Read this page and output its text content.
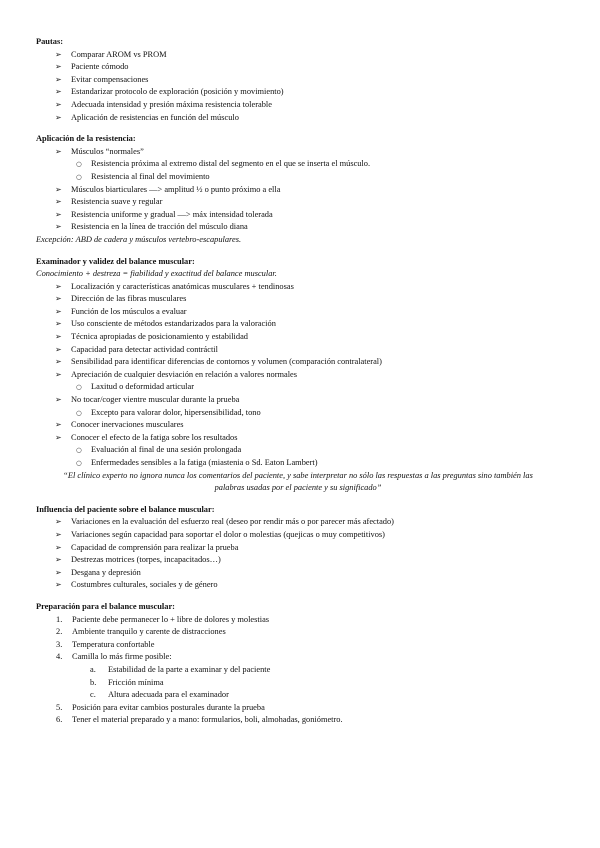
Pautas:

➢ Comparar AROM vs PROM
➢ Paciente cómodo
➢ Evitar compensaciones
➢ Estandarizar protocolo de exploración (posición y movimiento)
➢ Adecuada intensidad y presión máxima resistencia tolerable
➢ Aplicación de resistencias en función del músculo

Aplicación de la resistencia:

➢ Músculos “normales”
○ Resistencia próxima al extremo distal del segmento en el que se inserta el músculo.
○ Resistencia al final del movimiento
➢ Músculos biarticulares —> amplitud ½ o punto próximo a ella
➢ Resistencia suave y regular
➢ Resistencia uniforme y gradual —> máx intensidad tolerada
➢ Resistencia en la línea de tracción del músculo diana

Excepción: ABD de cadera y músculos vertebro-escapulares.

Examinador y validez del balance muscular:

Conocimiento + destreza = fiabilidad y exactitud del balance muscular.

➢ Localización y características anatómicas musculares + tendinosas
➢ Dirección de las fibras musculares
➢ Función de los músculos a evaluar
➢ Uso consciente de métodos estandarizados para la valoración
➢ Técnica apropiadas de posicionamiento y estabilidad
➢ Capacidad para detectar actividad contráctil
➢ Sensibilidad para identificar diferencias de contornos y volumen (comparación contralateral)
➢ Apreciación de cualquier desviación en relación a valores normales
○ Laxitud o deformidad articular
➢ No tocar/coger vientre muscular durante la prueba
○ Excepto para valorar dolor, hipersensibilidad, tono
➢ Conocer inervaciones musculares
➢ Conocer el efecto de la fatiga sobre los resultados
○ Evaluación al final de una sesión prolongada
○ Enfermedades sensibles a la fatiga (miastenia o Sd. Eaton Lambert)

“El clínico experto no ignora nunca los comentarios del paciente, y sabe interpretar no sólo las respuestas a las preguntas sino también las

palabras usadas por el paciente y su significado”

Influencia del paciente sobre el balance muscular:

➢ Variaciones en la evaluación del esfuerzo real (deseo por rendir más o por parecer más afectado)
➢ Variaciones según capacidad para soportar el dolor o molestias (quejicas o muy competitivos)
➢ Capacidad de comprensión para realizar la prueba
➢ Destrezas motrices (torpes, incapacitados…)
➢ Desgana y depresión
➢ Costumbres culturales, sociales y de género

Preparación para el balance muscular:

1. Paciente debe permanecer lo + libre de dolores y molestias
2. Ambiente tranquilo y carente de distracciones
3. Temperatura confortable
4. Camilla lo más firme posible:
a. Estabilidad de la parte a examinar y del paciente
b. Fricción mínima
c. Altura adecuada para el examinador
5. Posición para evitar cambios posturales durante la prueba
6. Tener el material preparado y a mano: formularios, boli, almohadas, goniómetro.
